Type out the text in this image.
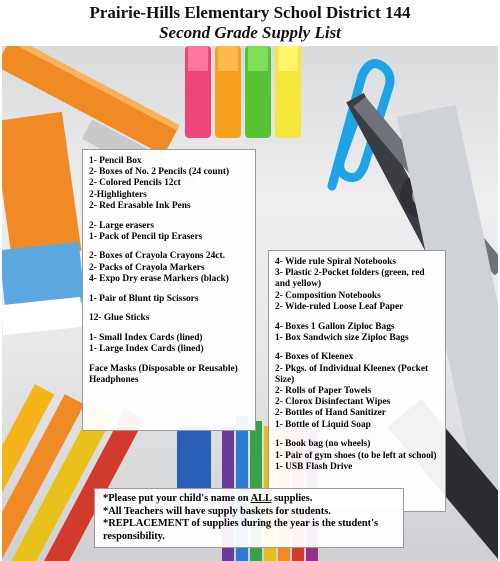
Prairie-Hills Elementary School District 144
Second Grade Supply List
1- Pencil Box
2- Boxes of No. 2 Pencils (24 count)
2- Colored Pencils 12ct
2-Highlighters
2- Red Erasable Ink Pens
2- Large erasers
1- Pack of Pencil tip Erasers
2- Boxes of Crayola Crayons 24ct.
2- Packs of Crayola Markers
4- Expo Dry erase Markers (black)
1- Pair of Blunt tip Scissors
12- Glue Sticks
1- Small Index Cards (lined)
1- Large Index Cards (lined)
Face Masks (Disposable or Reusable)
Headphones
4- Wide rule Spiral Notebooks
3- Plastic 2-Pocket folders (green, red and yellow)
2- Composition Notebooks
2- Wide-ruled Loose Leaf Paper
4- Boxes 1 Gallon Ziploc Bags
1- Box Sandwich size Ziploc Bags
4- Boxes of Kleenex
2- Pkgs. of Individual Kleenex (Pocket Size)
2- Rolls of Paper Towels
2- Clorox Disinfectant Wipes
2- Bottles of Hand Sanitizer
1- Bottle of Liquid Soap
1- Book bag (no wheels)
1- Pair of gym shoes (to be left at school)
1- USB Flash Drive
*Please put your child's name on ALL supplies.
*All Teachers will have supply baskets for students.
*REPLACEMENT of supplies during the year is the student's responsibility.
